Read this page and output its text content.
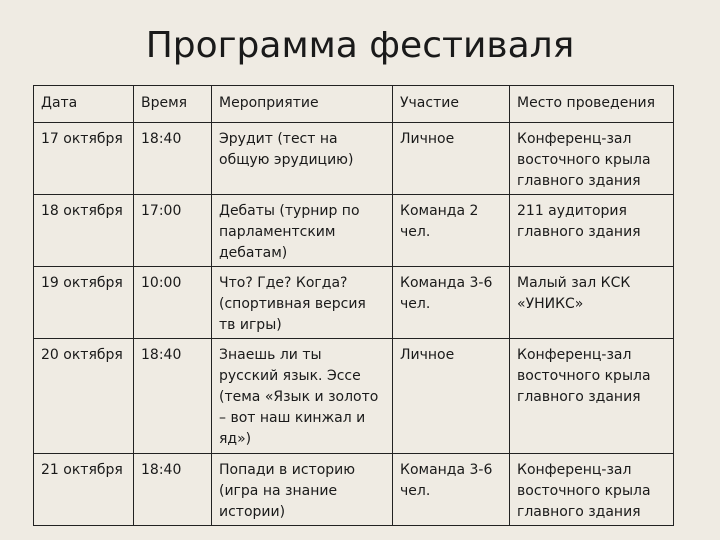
Программа фестиваля
Дата	Время	Мероприятие	Участие	Место проведения
17 октября	18:40	Эрудит (тест на общую эрудицию)	Личное	Конференц-зал восточного крыла главного здания
18 октября	17:00	Дебаты (турнир по парламентским дебатам)	Команда 2 чел.	211 аудитория главного здания
19 октября	10:00	Что? Где? Когда? (спортивная версия тв игры)	Команда 3-6 чел.	Малый зал КСК «УНИКС»
20 октября	18:40	Знаешь ли ты русский язык. Эссе (тема «Язык и золото – вот наш кинжал и яд»)	Личное	Конференц-зал восточного крыла главного здания
21 октября	18:40	Попади в историю (игра на знание истории)	Команда 3-6 чел.	Конференц-зал восточного крыла главного здания
